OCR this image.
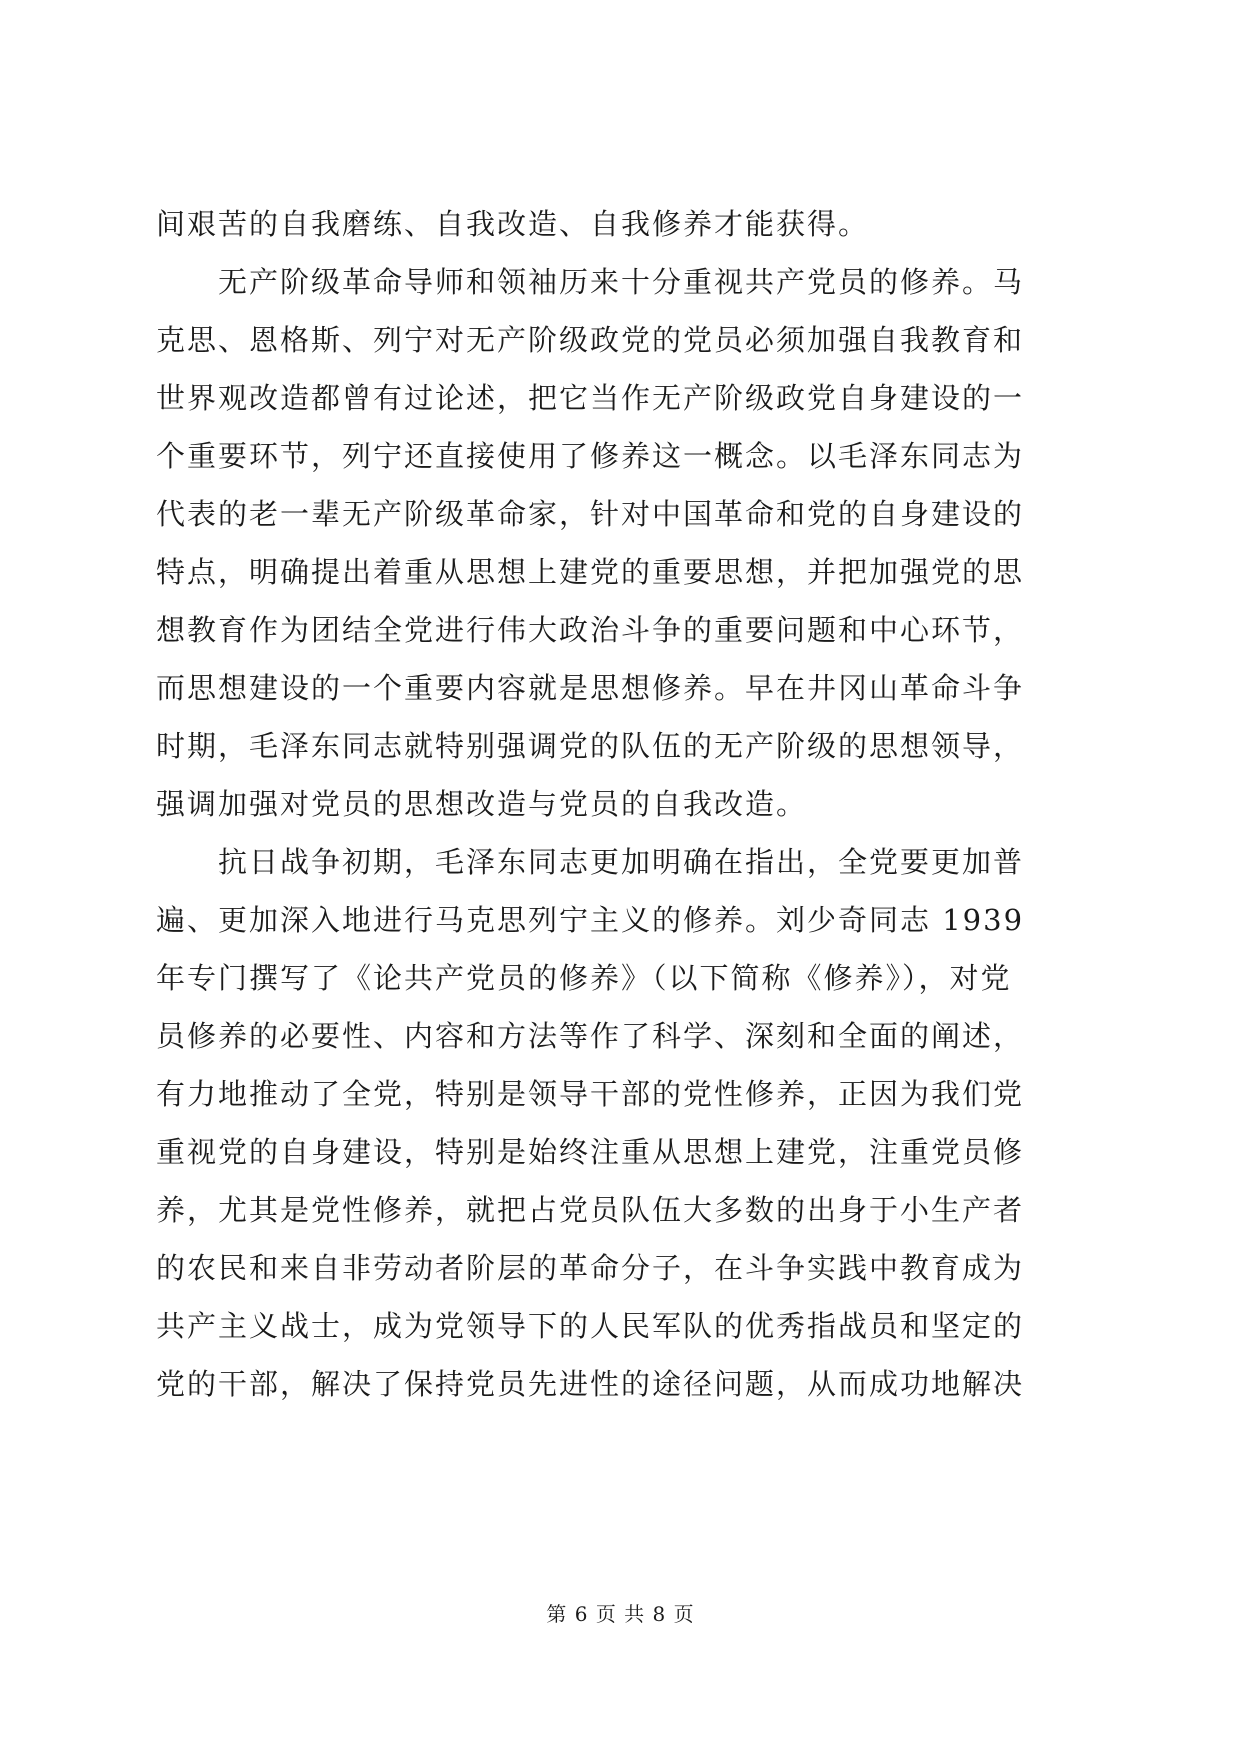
间艰苦的自我磨练、自我改造、自我修养才能获得。
无产阶级革命导师和领袖历来十分重视共产党员的修养。马
克思、恩格斯、列宁对无产阶级政党的党员必须加强自我教育和
世界观改造都曾有过论述，把它当作无产阶级政党自身建设的一
个重要环节，列宁还直接使用了修养这一概念。以毛泽东同志为
代表的老一辈无产阶级革命家，针对中国革命和党的自身建设的
特点，明确提出着重从思想上建党的重要思想，并把加强党的思
想教育作为团结全党进行伟大政治斗争的重要问题和中心环节，
而思想建设的一个重要内容就是思想修养。早在井冈山革命斗争
时期，毛泽东同志就特别强调党的队伍的无产阶级的思想领导，
强调加强对党员的思想改造与党员的自我改造。
抗日战争初期，毛泽东同志更加明确在指出，全党要更加普
遍、更加深入地进行马克思列宁主义的修养。刘少奇同志 1939
年专门撰写了《论共产党员的修养》（以下简称《修养》），对党
员修养的必要性、内容和方法等作了科学、深刻和全面的阐述，
有力地推动了全党，特别是领导干部的党性修养，正因为我们党
重视党的自身建设，特别是始终注重从思想上建党，注重党员修
养，尤其是党性修养，就把占党员队伍大多数的出身于小生产者
的农民和来自非劳动者阶层的革命分子，在斗争实践中教育成为
共产主义战士，成为党领导下的人民军队的优秀指战员和坚定的
党的干部，解决了保持党员先进性的途径问题，从而成功地解决
第 6 页 共 8 页
